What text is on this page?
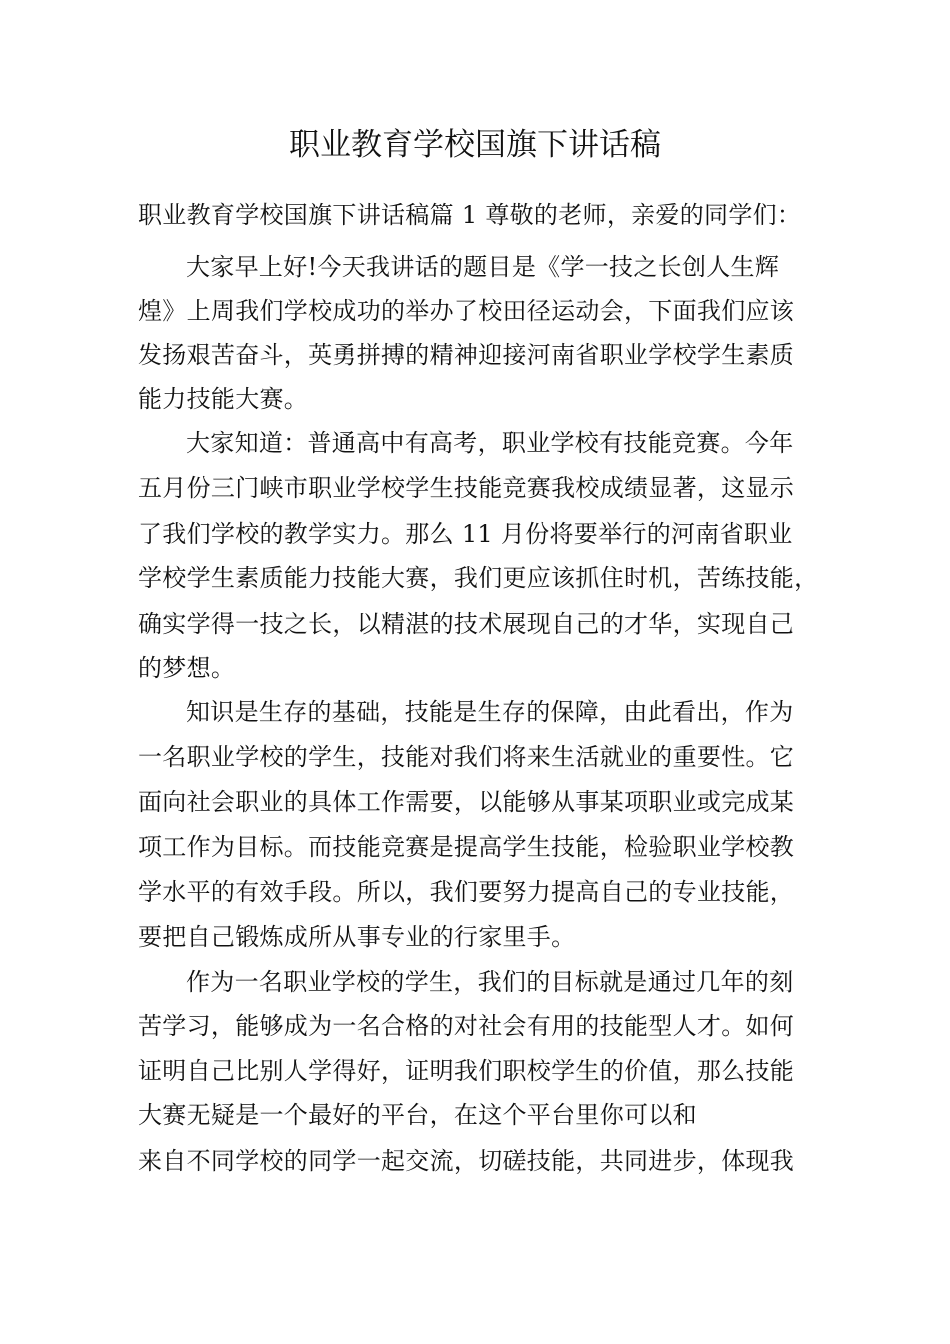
职业教育学校国旗下讲话稿
职业教育学校国旗下讲话稿篇 1 尊敬的老师，亲爱的同学们：
大家早上好!今天我讲话的题目是《学一技之长创人生辉
煌》上周我们学校成功的举办了校田径运动会，下面我们应该
发扬艰苦奋斗，英勇拼搏的精神迎接河南省职业学校学生素质
能力技能大赛。
大家知道：普通高中有高考，职业学校有技能竞赛。今年
五月份三门峡市职业学校学生技能竞赛我校成绩显著，这显示
了我们学校的教学实力。那么 11 月份将要举行的河南省职业
学校学生素质能力技能大赛，我们更应该抓住时机，苦练技能，
确实学得一技之长，以精湛的技术展现自己的才华，实现自己
的梦想。
知识是生存的基础，技能是生存的保障，由此看出，作为
一名职业学校的学生，技能对我们将来生活就业的重要性。它
面向社会职业的具体工作需要，以能够从事某项职业或完成某
项工作为目标。而技能竞赛是提高学生技能，检验职业学校教
学水平的有效手段。所以，我们要努力提高自己的专业技能，
要把自己锻炼成所从事专业的行家里手。
作为一名职业学校的学生，我们的目标就是通过几年的刻
苦学习，能够成为一名合格的对社会有用的技能型人才。如何
证明自己比别人学得好，证明我们职校学生的价值，那么技能
大赛无疑是一个最好的平台，在这个平台里你可以和
来自不同学校的同学一起交流，切磋技能，共同进步，体现我
